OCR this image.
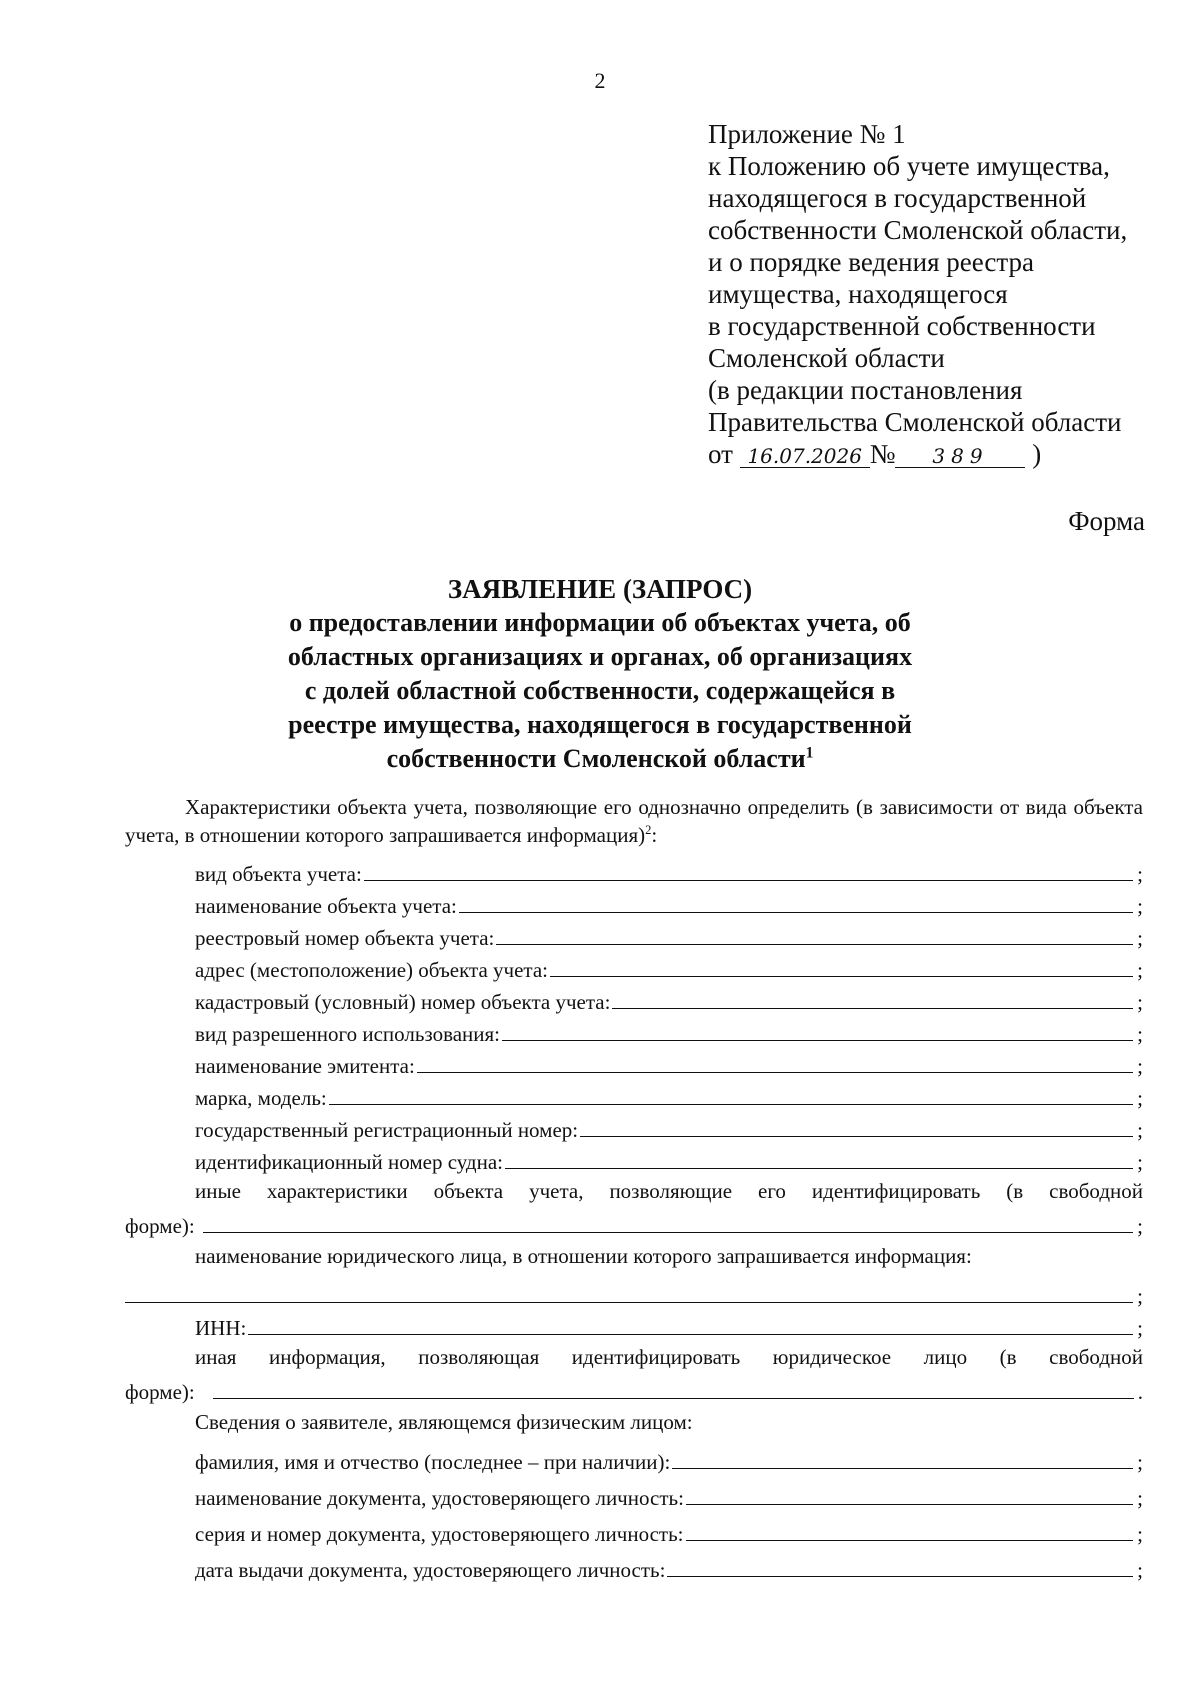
2
Приложение № 1
к Положению об учете имущества,
находящегося в государственной
собственности Смоленской области,
и о порядке ведения реестра
имущества, находящегося
в государственной собственности
Смоленской области
(в редакции постановления
Правительства Смоленской области
от 16.07.2026 № 389 )
Форма
ЗАЯВЛЕНИЕ (ЗАПРОС)
о предоставлении информации об объектах учета, об
областных организациях и органах, об организациях
с долей областной собственности, содержащейся в
реестре имущества, находящегося в государственной
собственности Смоленской области$^1$
Характеристики объекта учета, позволяющие его однозначно определить (в зависимости от вида объекта учета, в отношении которого запрашивается информация)$^2$:
вид объекта учета:	;
наименование объекта учета:	;
реестровый номер объекта учета:	;
адрес (местоположение) объекта учета:	;
кадастровый (условный) номер объекта учета:	;
вид разрешенного использования:	;
наименование эмитента:	;
марка, модель:	;
государственный регистрационный номер:	;
идентификационный номер судна:	;
иные характеристики объекта учета, позволяющие его идентифицировать (в свободной
форме):	;
наименование юридического лица, в отношении которого запрашивается информация:
;
ИНН:	;
иная информация, позволяющая идентифицировать юридическое лицо (в свободной
форме):	.
Сведения о заявителе, являющемся физическим лицом:
фамилия, имя и отчество (последнее – при наличии):	;
наименование документа, удостоверяющего личность:	;
серия и номер документа, удостоверяющего личность:	;
дата выдачи документа, удостоверяющего личность:	;
